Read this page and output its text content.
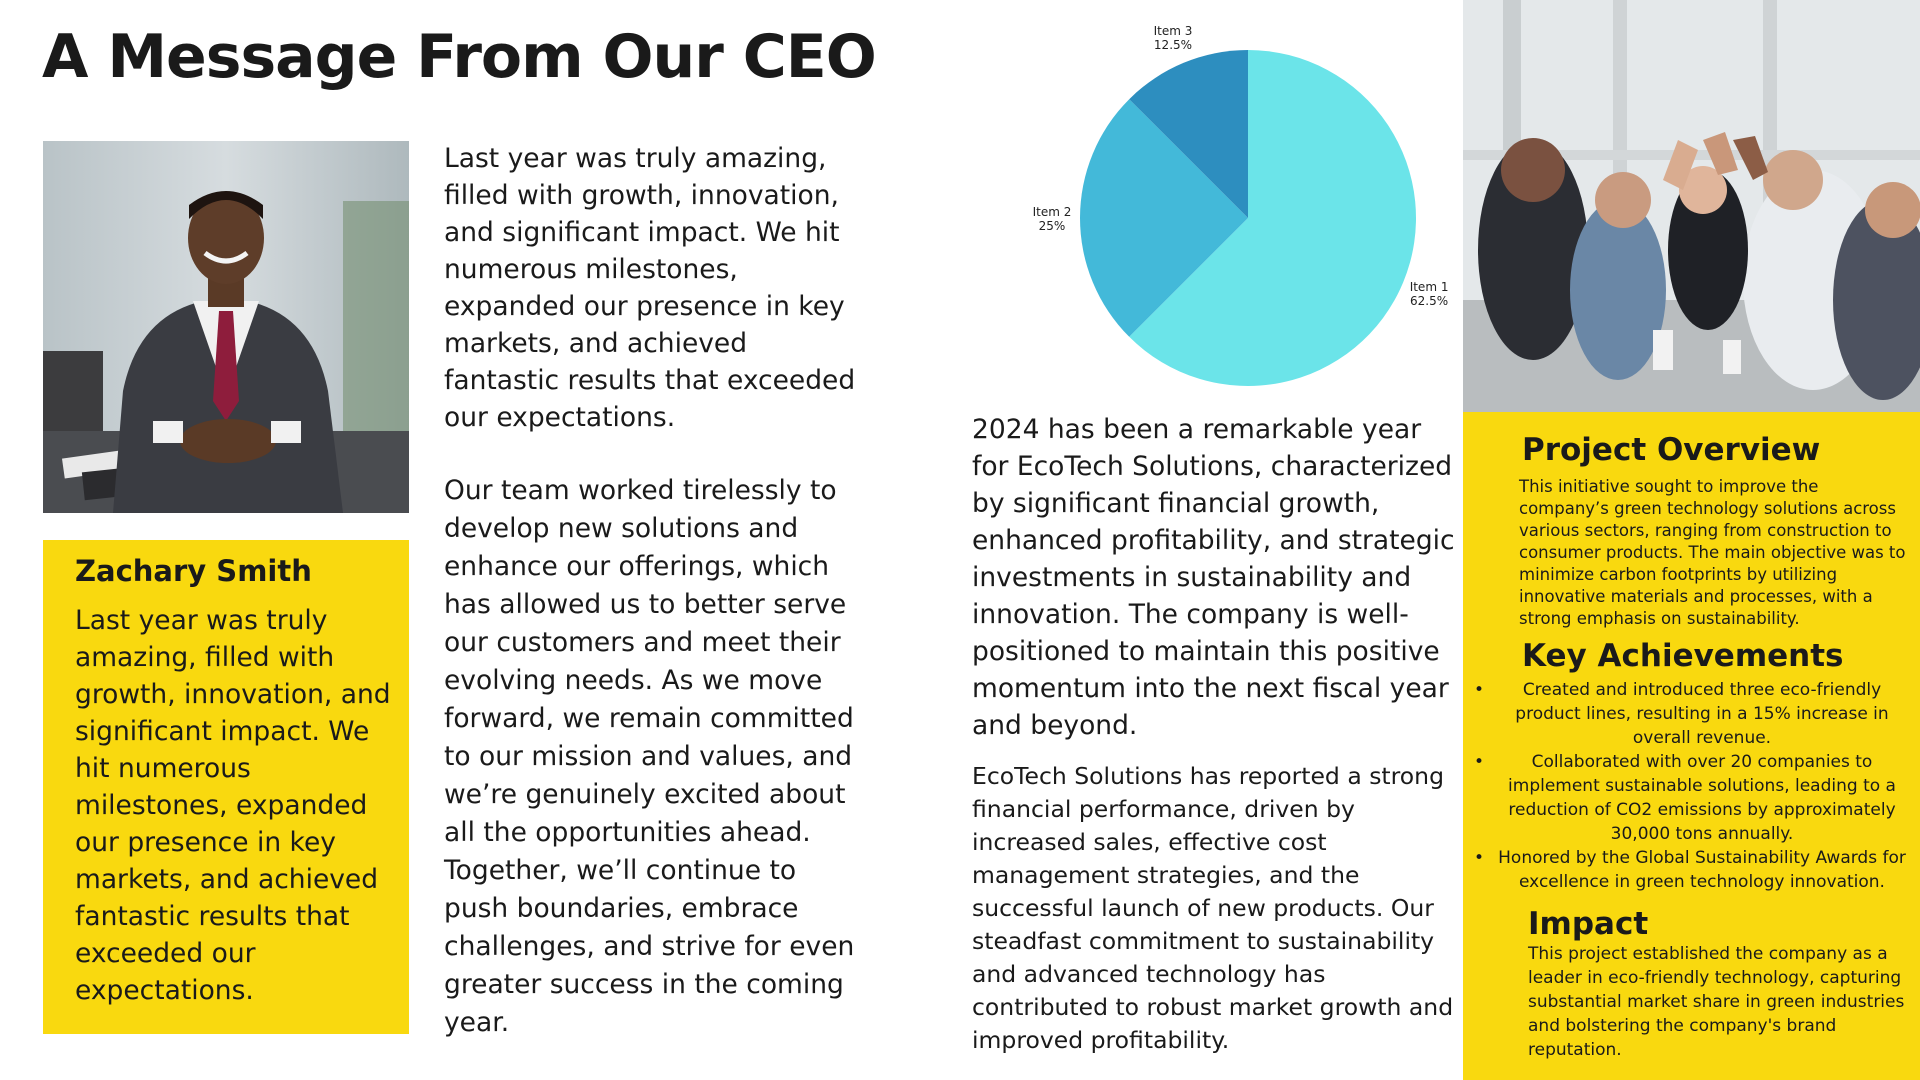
A Message From Our CEO
Zachary Smith
Last year was truly amazing, filled with growth, innovation, and significant impact. We hit numerous milestones, expanded our presence in key markets, and achieved fantastic results that exceeded our expectations.
Last year was truly amazing, filled with growth, innovation, and significant impact. We hit numerous milestones, expanded our presence in key markets, and achieved fantastic results that exceeded our expectations.
Our team worked tirelessly to develop new solutions and enhance our offerings, which has allowed us to better serve our customers and meet their evolving needs. As we move forward, we remain committed to our mission and values, and we’re genuinely excited about all the opportunities ahead. Together, we’ll continue to push boundaries, embrace challenges, and strive for even greater success in the coming year.
Item 1
62.5%
Item 2
25%
Item 3
12.5%
2024 has been a remarkable year for EcoTech Solutions, characterized by significant financial growth, enhanced profitability, and strategic investments in sustainability and innovation. The company is well-positioned to maintain this positive momentum into the next fiscal year and beyond.
EcoTech Solutions has reported a strong financial performance, driven by increased sales, effective cost management strategies, and the successful launch of new products. Our steadfast commitment to sustainability and advanced technology has contributed to robust market growth and improved profitability.
Project Overview
This initiative sought to improve the company’s green technology solutions across various sectors, ranging from construction to consumer products. The main objective was to minimize carbon footprints by utilizing innovative materials and processes, with a strong emphasis on sustainability.
Key Achievements
• Created and introduced three eco-friendly product lines, resulting in a 15% increase in overall revenue.
•	Collaborated with over 20 companies to implement sustainable solutions, leading to a reduction of CO2 emissions by approximately 30,000 tons annually.
• Honored by the Global Sustainability Awards for excellence in green technology innovation.
Impact
This project established the company as a leader in eco-friendly technology, capturing substantial market share in green industries and bolstering the company's brand reputation.
